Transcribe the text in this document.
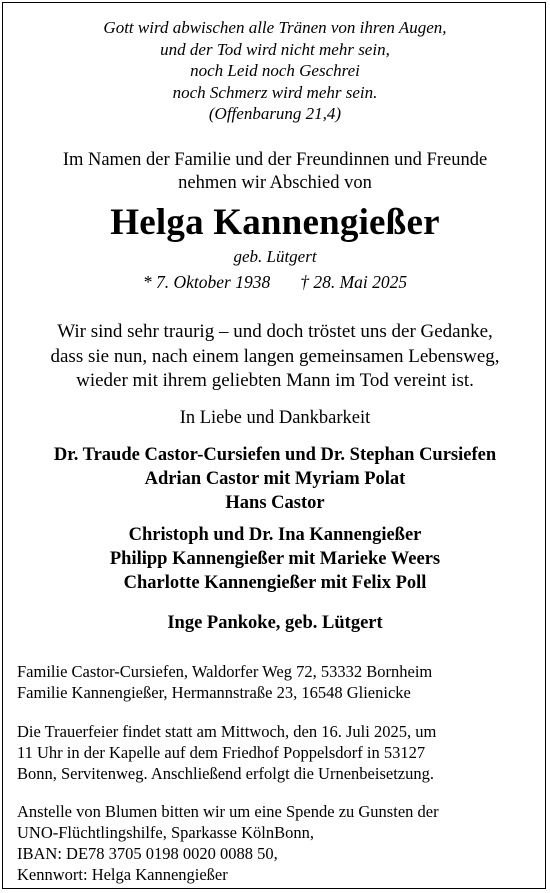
Gott wird abwischen alle Tränen von ihren Augen,
und der Tod wird nicht mehr sein,
noch Leid noch Geschrei
noch Schmerz wird mehr sein.
(Offenbarung 21,4)
Im Namen der Familie und der Freundinnen und Freunde
nehmen wir Abschied von
Helga Kannengießer
geb. Lütgert
* 7. Oktober 1938 † 28. Mai 2025
Wir sind sehr traurig – und doch tröstet uns der Gedanke,
dass sie nun, nach einem langen gemeinsamen Lebensweg,
wieder mit ihrem geliebten Mann im Tod vereint ist.
In Liebe und Dankbarkeit
Dr. Traude Castor-Cursiefen und Dr. Stephan Cursiefen
Adrian Castor mit Myriam Polat
Hans Castor
Christoph und Dr. Ina Kannengießer
Philipp Kannengießer mit Marieke Weers
Charlotte Kannengießer mit Felix Poll
Inge Pankoke, geb. Lütgert
Familie Castor-Cursiefen, Waldorfer Weg 72, 53332 Bornheim
Familie Kannengießer, Hermannstraße 23, 16548 Glienicke
Die Trauerfeier findet statt am Mittwoch, den 16. Juli 2025, um
11 Uhr in der Kapelle auf dem Friedhof Poppelsdorf in 53127
Bonn, Servitenweg. Anschließend erfolgt die Urnenbeisetzung.
Anstelle von Blumen bitten wir um eine Spende zu Gunsten der
UNO-Flüchtlingshilfe, Sparkasse KölnBonn,
IBAN: DE78 3705 0198 0020 0088 50,
Kennwort: Helga Kannengießer
